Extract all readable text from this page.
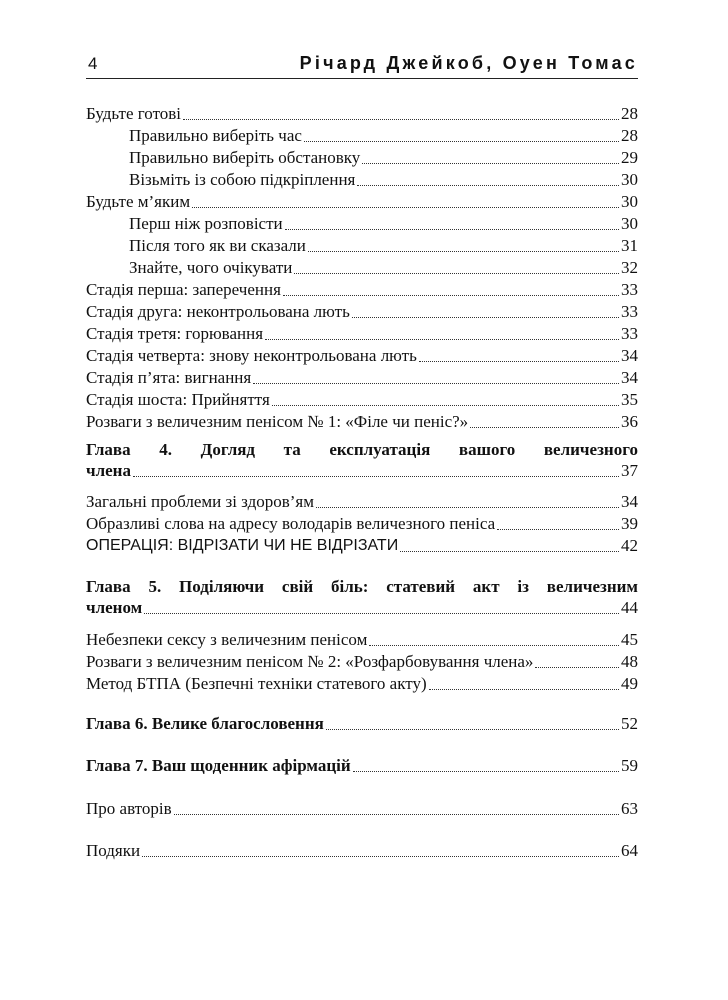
4	Річард Джейкоб, Оуен Томас
Будьте готові	28
Правильно виберіть час	28
Правильно виберіть обстановку	29
Візьміть із собою підкріплення	30
Будьте м’яким	30
Перш ніж розповісти	30
Після того як ви сказали	31
Знайте, чого очікувати	32
Стадія перша: заперечення	33
Стадія друга: неконтрольована лють	33
Стадія третя: горювання	33
Стадія четверта: знову неконтрольована лють	34
Стадія п’ята: вигнання	34
Стадія шоста: Прийняття	35
Розваги з величезним пенісом № 1: «Філе чи пеніс?»	36
Глава 4. Догляд та експлуатація вашого величезного
члена	37
Загальні проблеми зі здоров’ям	34
Образливі слова на адресу володарів величезного пеніса	39
ОПЕРАЦІЯ: ВІДРІЗАТИ ЧИ НЕ ВІДРІЗАТИ	42
Глава 5. Поділяючи свій біль: статевий акт із величезним
членом	44
Небезпеки сексу з величезним пенісом	45
Розваги з величезним пенісом № 2: «Розфарбовування члена»	48
Метод БТПА (Безпечні техніки статевого акту)	49
Глава 6. Велике благословення	52
Глава 7. Ваш щоденник афірмацій	59
Про авторів	63
Подяки	64
